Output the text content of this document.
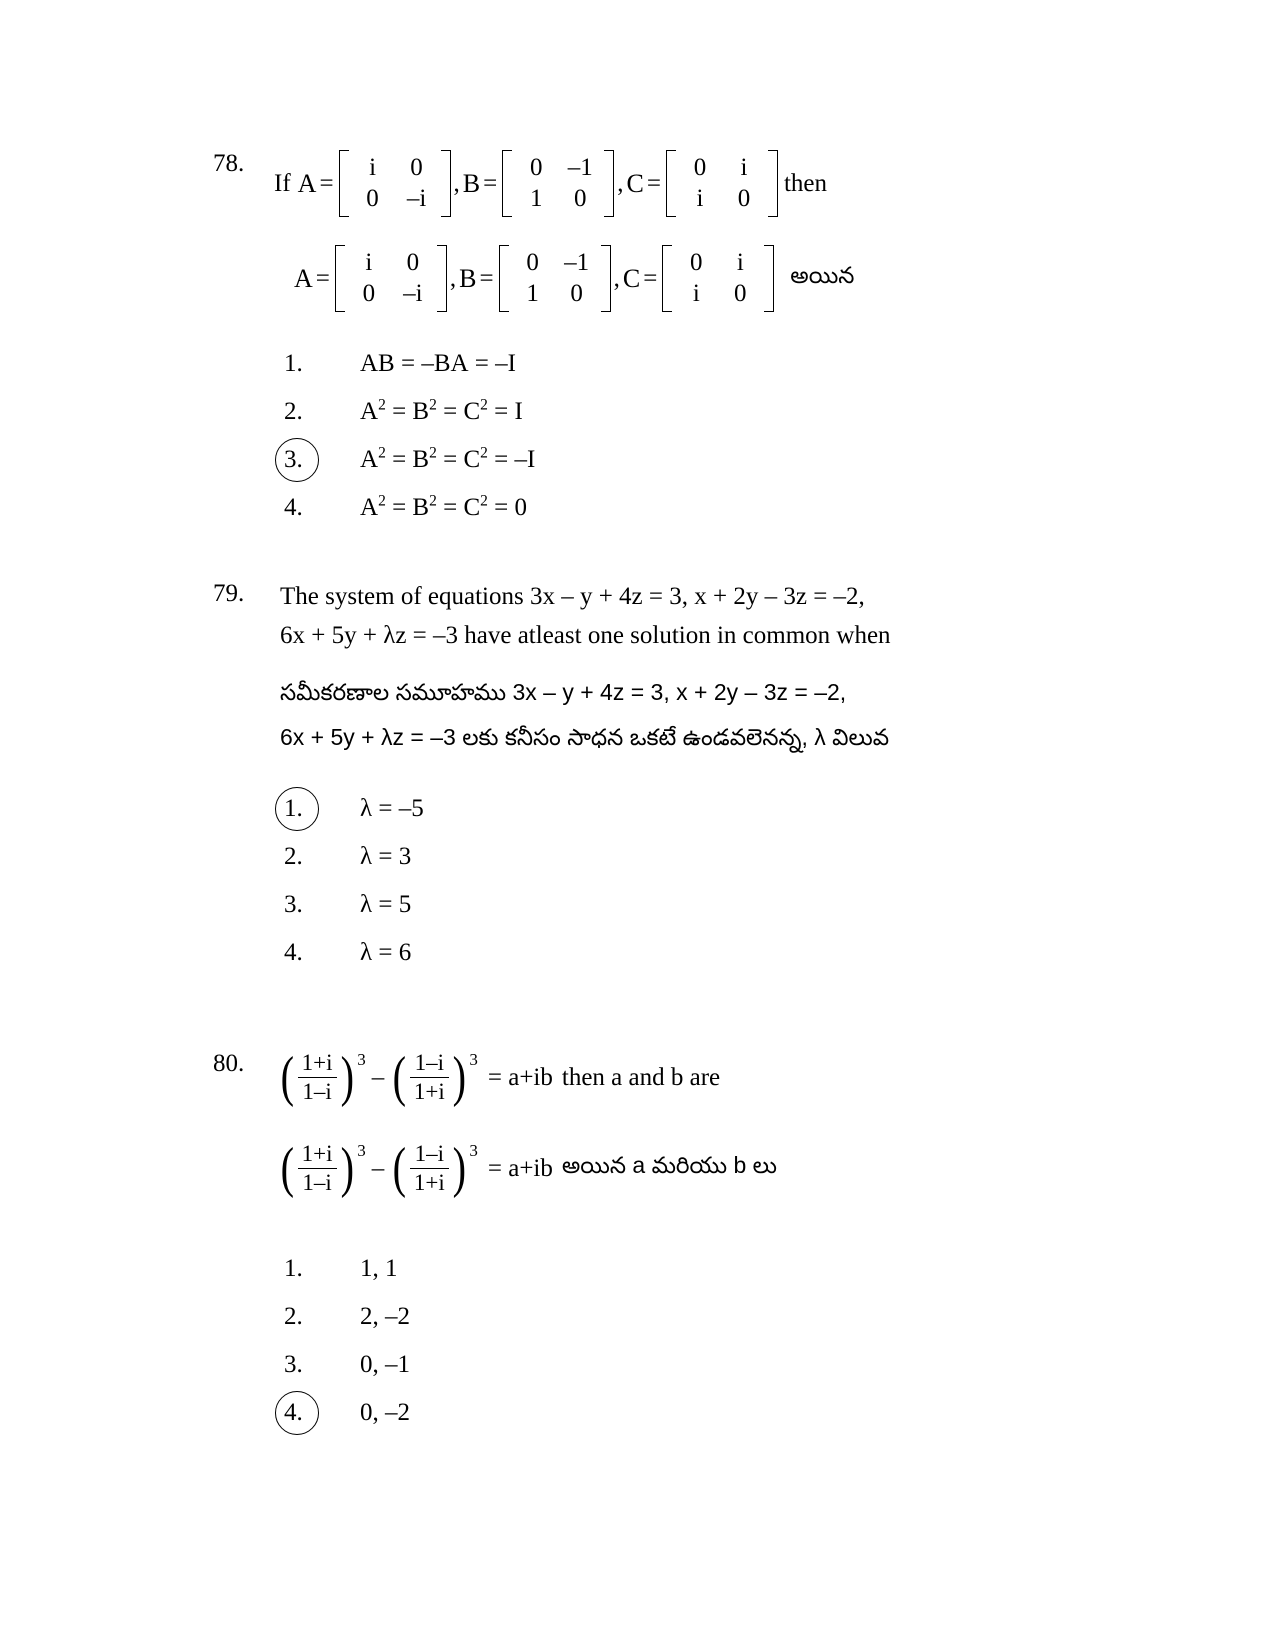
78.
If A =
i	0
0	–i
, B =
0	–1
1	0
, C =
0	i
i	0
then
A =
i	0
0	–i
, B =
0	–1
1	0
, C =
0	i
i	0
అయిన
1.	AB = –BA = –I
2.	$A^2 = B^2 = C^2 = I$
3.	$A^2 = B^2 = C^2 = -I$
4.	$A^2 = B^2 = C^2 = 0$
79. The system of equations 3x – y + 4z = 3, x + 2y – 3z = –2,
6x + 5y + λz = –3 have atleast one solution in common when
సమీకరణాల సమూహము 3x – y + 4z = 3, x + 2y – 3z = –2,
6x + 5y + λz = –3 లకు కనీసం సాధన ఒకటే ఉండవలెనన్న, λ విలువ
1.	λ = –5
2.	λ = 3
3.	λ = 5
4.	λ = 6
80. ( $\frac{1+i}{1-i}$ ) 3
– ( $\frac{1-i}{1+i}$ ) 3
= a+ib then a and b are
( $\frac{1+i}{1-i}$ ) 3
– ( $\frac{1-i}{1+i}$ ) 3
= a+ib అయిన a మరియు b లు
1.	1, 1
2.	2, –2
3.	0, –1
4.	0, –2
